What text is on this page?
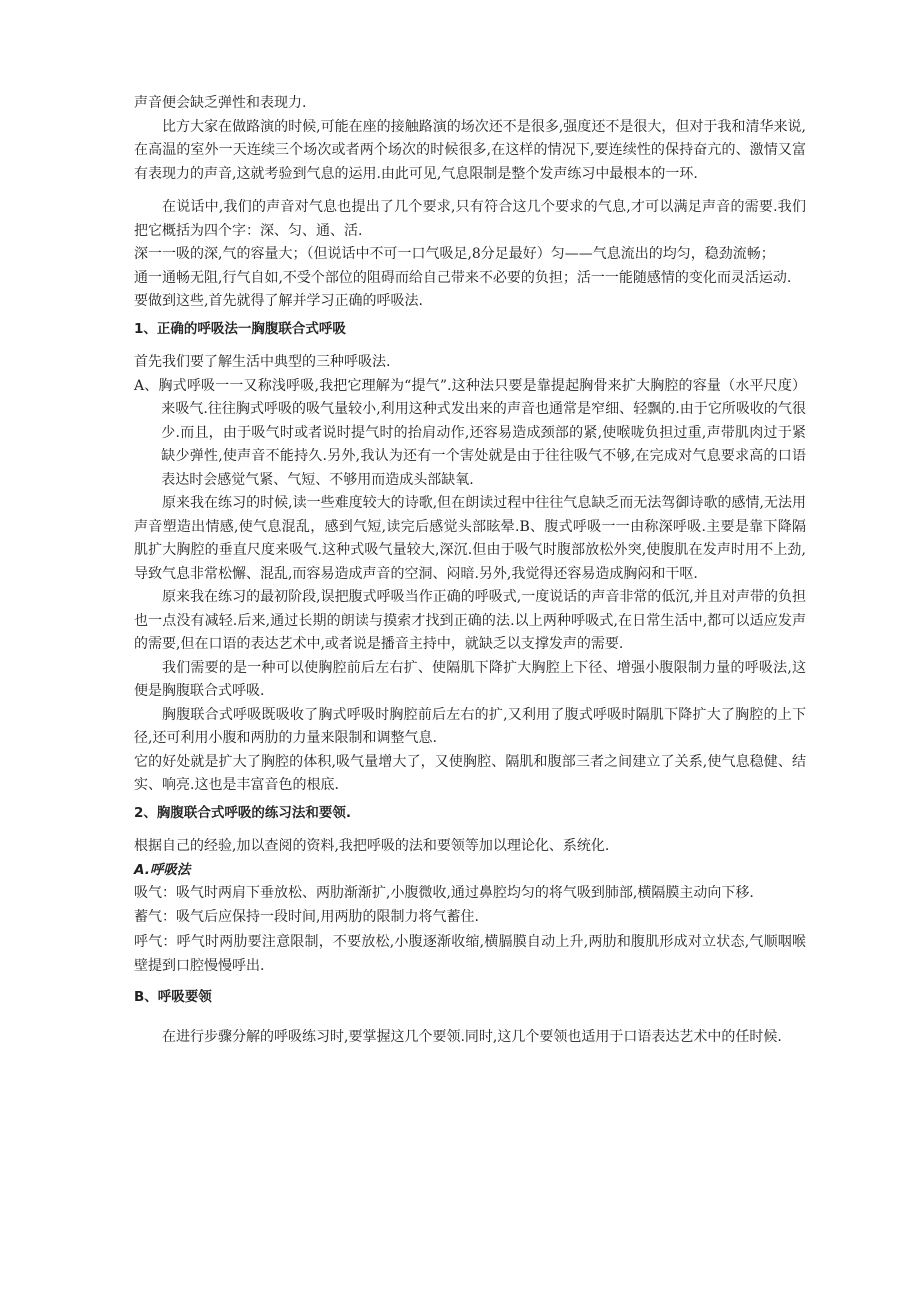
声音便会缺乏弹性和表现力.

比方大家在做路演的时候,可能在座的接触路演的场次还不是很多,强度还不是很大，但对于我和清华来说,在高温的室外一天连续三个场次或者两个场次的时候很多,在这样的情况下,要连续性的保持奋亢的、激情又富有表现力的声音,这就考验到气息的运用.由此可见,气息限制是整个发声练习中最根本的一环.

在说话中,我们的声音对气息也提出了几个要求,只有符合这几个要求的气息,才可以满足声音的需要.我们把它概括为四个字：深、匀、通、活.

深一一吸的深,气的容量大；（但说话中不可一口气吸足,8分足最好）匀——气息流出的均匀，稳劲流畅；

通一通畅无阻,行气自如,不受个部位的阻碍而给自己带来不必要的负担；活一一能随感情的变化而灵活运动.

要做到这些,首先就得了解并学习正确的呼吸法.

1、正确的呼吸法一胸腹联合式呼吸

首先我们要了解生活中典型的三种呼吸法.

A、胸式呼吸一一又称浅呼吸,我把它理解为“提气”.这种法只要是靠提起胸骨来扩大胸腔的容量（水平尺度）来吸气.往往胸式呼吸的吸气量较小,利用这种式发出来的声音也通常是窄细、轻飘的.由于它所吸收的气很少.而且，由于吸气时或者说时提气时的抬肩动作,还容易造成颈部的紧,使喉咙负担过重,声带肌肉过于紧缺少弹性,使声音不能持久.另外,我认为还有一个害处就是由于往往吸气不够,在完成对气息要求高的口语表达时会感觉气紧、气短、不够用而造成头部缺氧.

原来我在练习的时候,读一些难度较大的诗歌,但在朗读过程中往往气息缺乏而无法驾御诗歌的感情,无法用声音塑造出情感,使气息混乱，感到气短,读完后感觉头部眩晕.B、腹式呼吸一一由称深呼吸.主要是靠下降隔肌扩大胸腔的垂直尺度来吸气.这种式吸气量较大,深沉.但由于吸气时腹部放松外突,使腹肌在发声时用不上劲,导致气息非常松懈、混乱,而容易造成声音的空洞、闷暗.另外,我觉得还容易造成胸闷和干呕.

原来我在练习的最初阶段,误把腹式呼吸当作正确的呼吸式,一度说话的声音非常的低沉,并且对声带的负担也一点没有减轻.后来,通过长期的朗读与摸索才找到正确的法.以上两种呼吸式,在日常生活中,都可以适应发声的需要,但在口语的表达艺术中,或者说是播音主持中，就缺乏以支撑发声的需要.

我们需要的是一种可以使胸腔前后左右扩、使隔肌下降扩大胸腔上下径、增强小腹限制力量的呼吸法,这便是胸腹联合式呼吸.

胸腹联合式呼吸既吸收了胸式呼吸时胸腔前后左右的扩,又利用了腹式呼吸时隔肌下降扩大了胸腔的上下径,还可利用小腹和两肋的力量来限制和调整气息.

它的好处就是扩大了胸腔的体积,吸气量增大了，又使胸腔、隔肌和腹部三者之间建立了关系,使气息稳健、结实、响亮.这也是丰富音色的根底.

2、胸腹联合式呼吸的练习法和要领.

根据自己的经验,加以查阅的资料,我把呼吸的法和要领等加以理论化、系统化.

A.呼吸法

吸气：吸气时两肩下垂放松、两肋渐渐扩,小腹微收,通过鼻腔均匀的将气吸到肺部,横隔膜主动向下移.

蓄气：吸气后应保持一段时间,用两肋的限制力将气蓄住.

呼气：呼气时两肋要注意限制，不要放松,小腹逐渐收缩,横膈膜自动上升,两肋和腹肌形成对立状态,气顺咽喉壁提到口腔慢慢呼出.

B、呼吸要领

在进行步骤分解的呼吸练习时,要掌握这几个要领.同时,这几个要领也适用于口语表达艺术中的任时候.
